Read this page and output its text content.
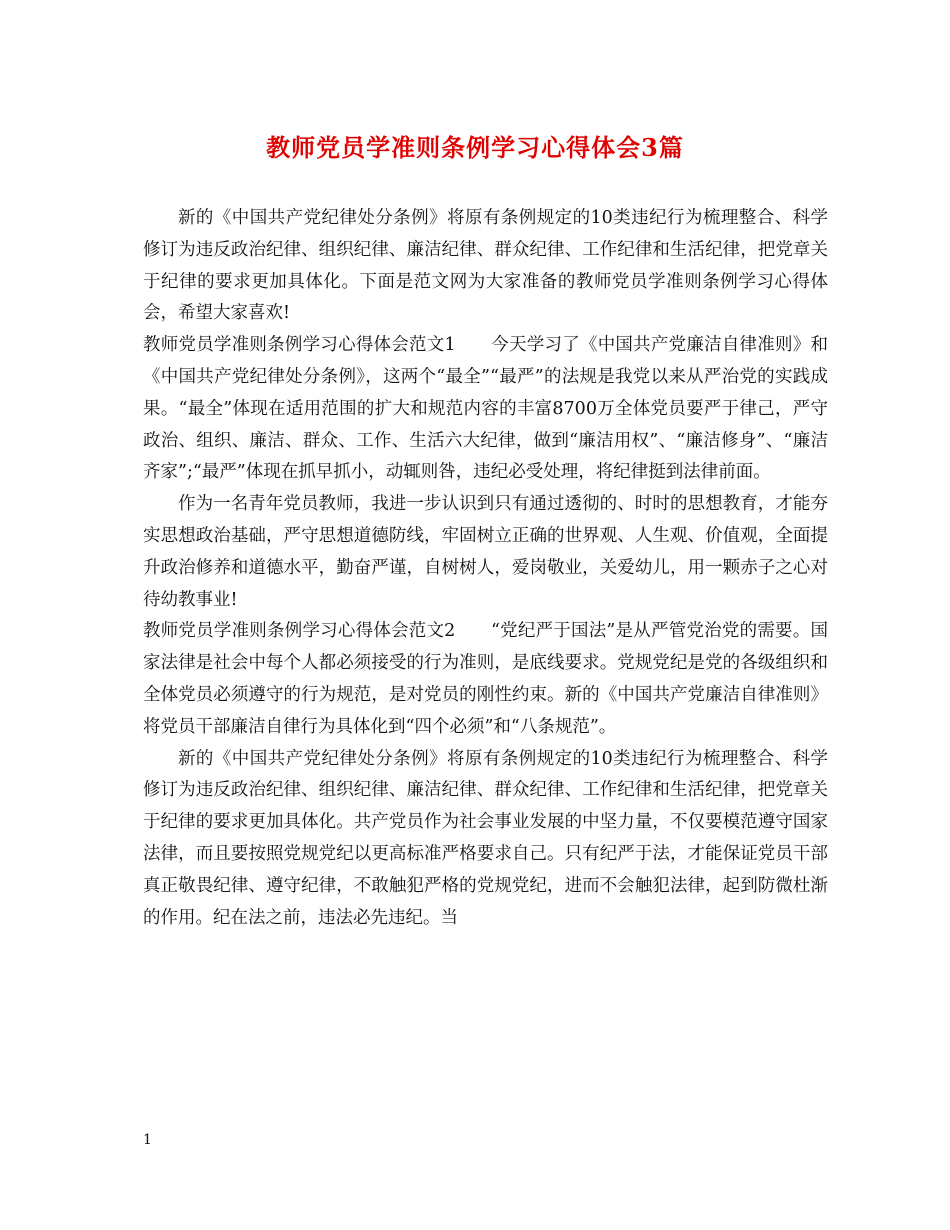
教师党员学准则条例学习心得体会3篇

新的《中国共产党纪律处分条例》将原有条例规定的10类违纪行为梳理整合、科学修订为违反政治纪律、组织纪律、廉洁纪律、群众纪律、工作纪律和生活纪律，把党章关于纪律的要求更加具体化。下面是范文网为大家准备的教师党员学准则条例学习心得体会，希望大家喜欢!

教师党员学准则条例学习心得体会范文1　　今天学习了《中国共产党廉洁自律准则》和《中国共产党纪律处分条例》，这两个“最全”“最严”的法规是我党以来从严治党的实践成果。“最全”体现在适用范围的扩大和规范内容的丰富8700万全体党员要严于律己，严守政治、组织、廉洁、群众、工作、生活六大纪律，做到“廉洁用权”、“廉洁修身”、“廉洁齐家”;“最严”体现在抓早抓小，动辄则咎，违纪必受处理，将纪律挺到法律前面。

作为一名青年党员教师，我进一步认识到只有通过透彻的、时时的思想教育，才能夯实思想政治基础，严守思想道德防线，牢固树立正确的世界观、人生观、价值观，全面提升政治修养和道德水平，勤奋严谨，自树树人，爱岗敬业，关爱幼儿，用一颗赤子之心对待幼教事业!

教师党员学准则条例学习心得体会范文2　　“党纪严于国法”是从严管党治党的需要。国家法律是社会中每个人都必须接受的行为准则，是底线要求。党规党纪是党的各级组织和全体党员必须遵守的行为规范，是对党员的刚性约束。新的《中国共产党廉洁自律准则》将党员干部廉洁自律行为具体化到“四个必须”和“八条规范”。

新的《中国共产党纪律处分条例》将原有条例规定的10类违纪行为梳理整合、科学修订为违反政治纪律、组织纪律、廉洁纪律、群众纪律、工作纪律和生活纪律，把党章关于纪律的要求更加具体化。共产党员作为社会事业发展的中坚力量，不仅要模范遵守国家法律，而且要按照党规党纪以更高标准严格要求自己。只有纪严于法，才能保证党员干部真正敬畏纪律、遵守纪律，不敢触犯严格的党规党纪，进而不会触犯法律，起到防微杜渐的作用。纪在法之前，违法必先违纪。当

1
